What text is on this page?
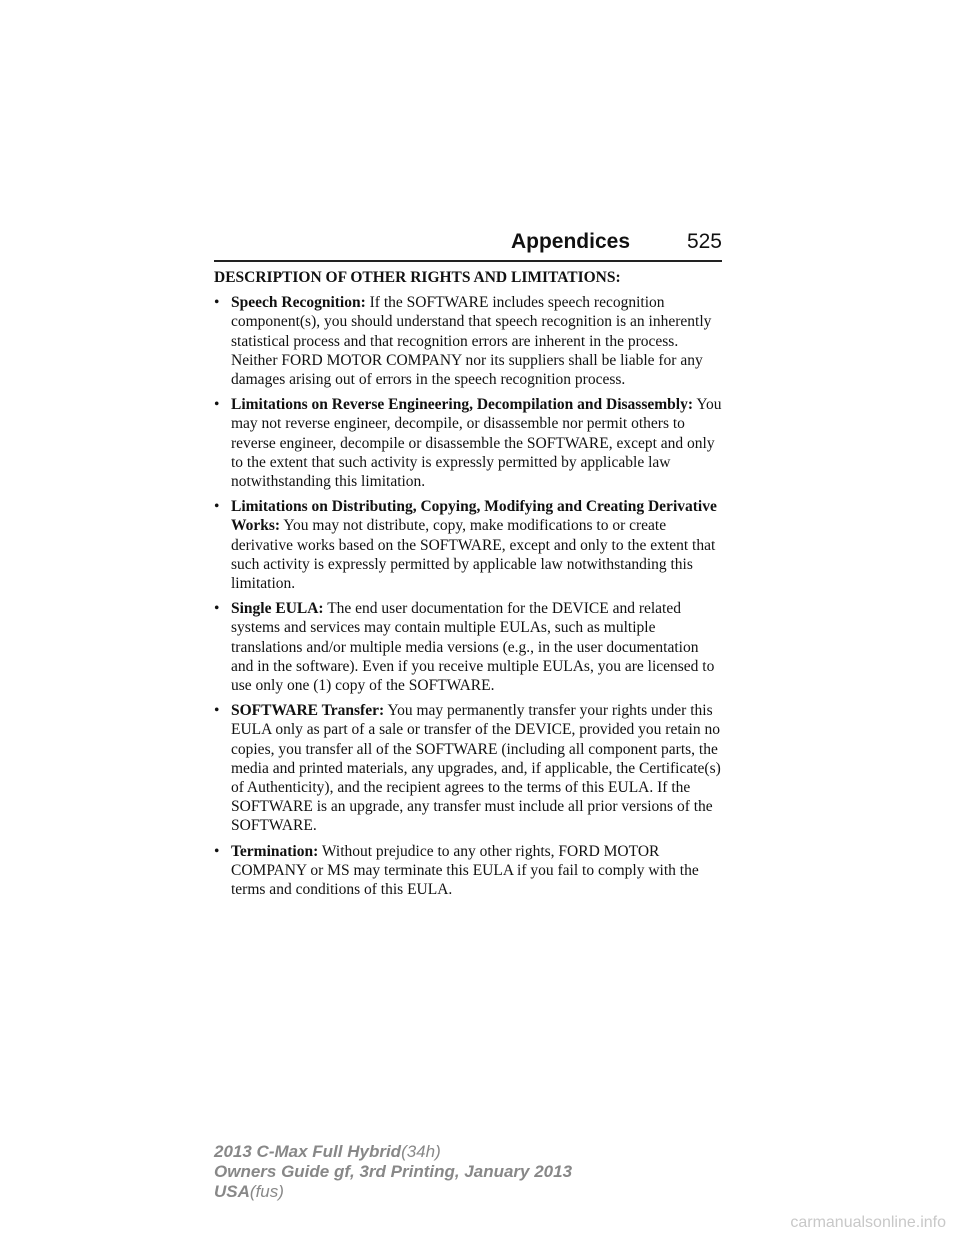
Appendices	525
DESCRIPTION OF OTHER RIGHTS AND LIMITATIONS:
• Speech Recognition: If the SOFTWARE includes speech recognition component(s), you should understand that speech recognition is an inherently statistical process and that recognition errors are inherent in the process. Neither FORD MOTOR COMPANY nor its suppliers shall be liable for any damages arising out of errors in the speech recognition process.
• Limitations on Reverse Engineering, Decompilation and Disassembly: You may not reverse engineer, decompile, or disassemble nor permit others to reverse engineer, decompile or disassemble the SOFTWARE, except and only to the extent that such activity is expressly permitted by applicable law notwithstanding this limitation.
• Limitations on Distributing, Copying, Modifying and Creating Derivative Works: You may not distribute, copy, make modifications to or create derivative works based on the SOFTWARE, except and only to the extent that such activity is expressly permitted by applicable law notwithstanding this limitation.
• Single EULA: The end user documentation for the DEVICE and related systems and services may contain multiple EULAs, such as multiple translations and/or multiple media versions (e.g., in the user documentation and in the software). Even if you receive multiple EULAs, you are licensed to use only one (1) copy of the SOFTWARE.
• SOFTWARE Transfer: You may permanently transfer your rights under this EULA only as part of a sale or transfer of the DEVICE, provided you retain no copies, you transfer all of the SOFTWARE (including all component parts, the media and printed materials, any upgrades, and, if applicable, the Certificate(s) of Authenticity), and the recipient agrees to the terms of this EULA. If the SOFTWARE is an upgrade, any transfer must include all prior versions of the SOFTWARE.
• Termination: Without prejudice to any other rights, FORD MOTOR COMPANY or MS may terminate this EULA if you fail to comply with the terms and conditions of this EULA.
2013 C-Max Full Hybrid(34h)
Owners Guide gf, 3rd Printing, January 2013
USA(fus)
carmanualsonline.info
